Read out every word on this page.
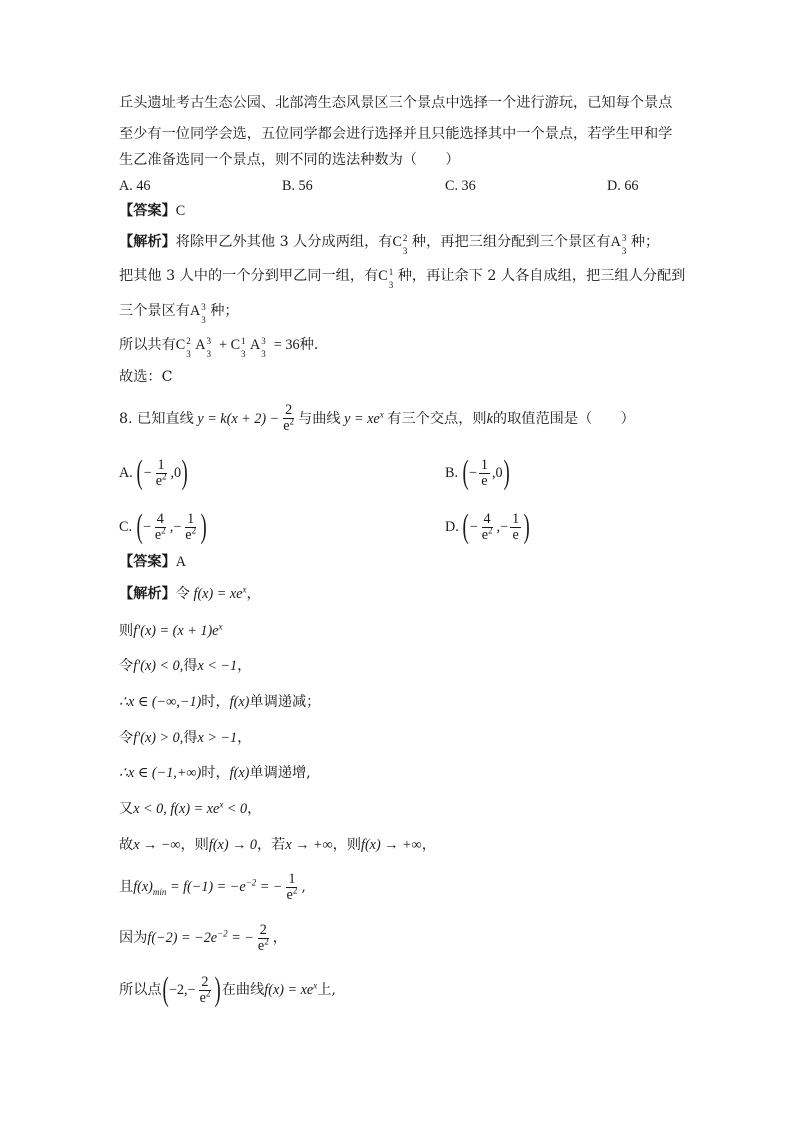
丘头遗址考古生态公园、北部湾生态风景区三个景点中选择一个进行游玩，已知每个景点
至少有一位同学会选，五位同学都会进行选择并且只能选择其中一个景点，若学生甲和学
生乙准备选同一个景点，则不同的选法种数为（　　）
A. 46	B. 56	C. 36	D. 66
【答案】C
【解析】将除甲乙外其他 3 人分成两组，有C 2
3
种，再把三组分配到三个景区有A 3
3
种；
把其他 3 人中的一个分到甲乙同一组，有C 1
3
种，再让余下 2 人各自成组，把三组人分配到
三个景区有A 3
3
种；
所以共有C 2
3
A 3
3
+ C 1
3
A 3
3
= 36种.
故选：C
8. 已知直线 $y = k(x + 2) - \frac{2}{e^2}$ 与曲线 $y = xe^x$ 有三个交点，则 k 的取值范围是（　　）
A.
( − $\frac{1}{e^2} ,0$ )	B.
( − $\frac{1}{e} ,0$ )
C.
( − $\frac{4}{e^2}$ ,− $\frac{1}{e^2}$ )	D.
( − $\frac{4}{e^2}$ ,− $\frac{1}{e}$ )
【答案】A
【解析】令 $f(x) = xe^x$，
则$f'(x) = (x + 1)e^x$
令f′(x) < 0,得x < −1，
∴x ∈ (−∞,−1)时，f(x)单调递减；
令f′(x) > 0,得x > −1，
∴x ∈ (−1,+∞)时，f(x)单调递增,
又x < 0, $f(x) = xe^x < 0$，
故x → −∞，则f(x) → 0，若x → +∞，则f(x) → +∞，
且 $f(x)_{min} = f(-1) = -e^{-2}$ = − $\frac{1}{e^2}$ ,
因为 $f(-2) = -2e^{-2}$ = − $\frac{2}{e^2}$ ，
所以点 ( $-2,- \frac{2}{e^2}$ ) 在曲线 $f(x) = xe^x$ 上,
